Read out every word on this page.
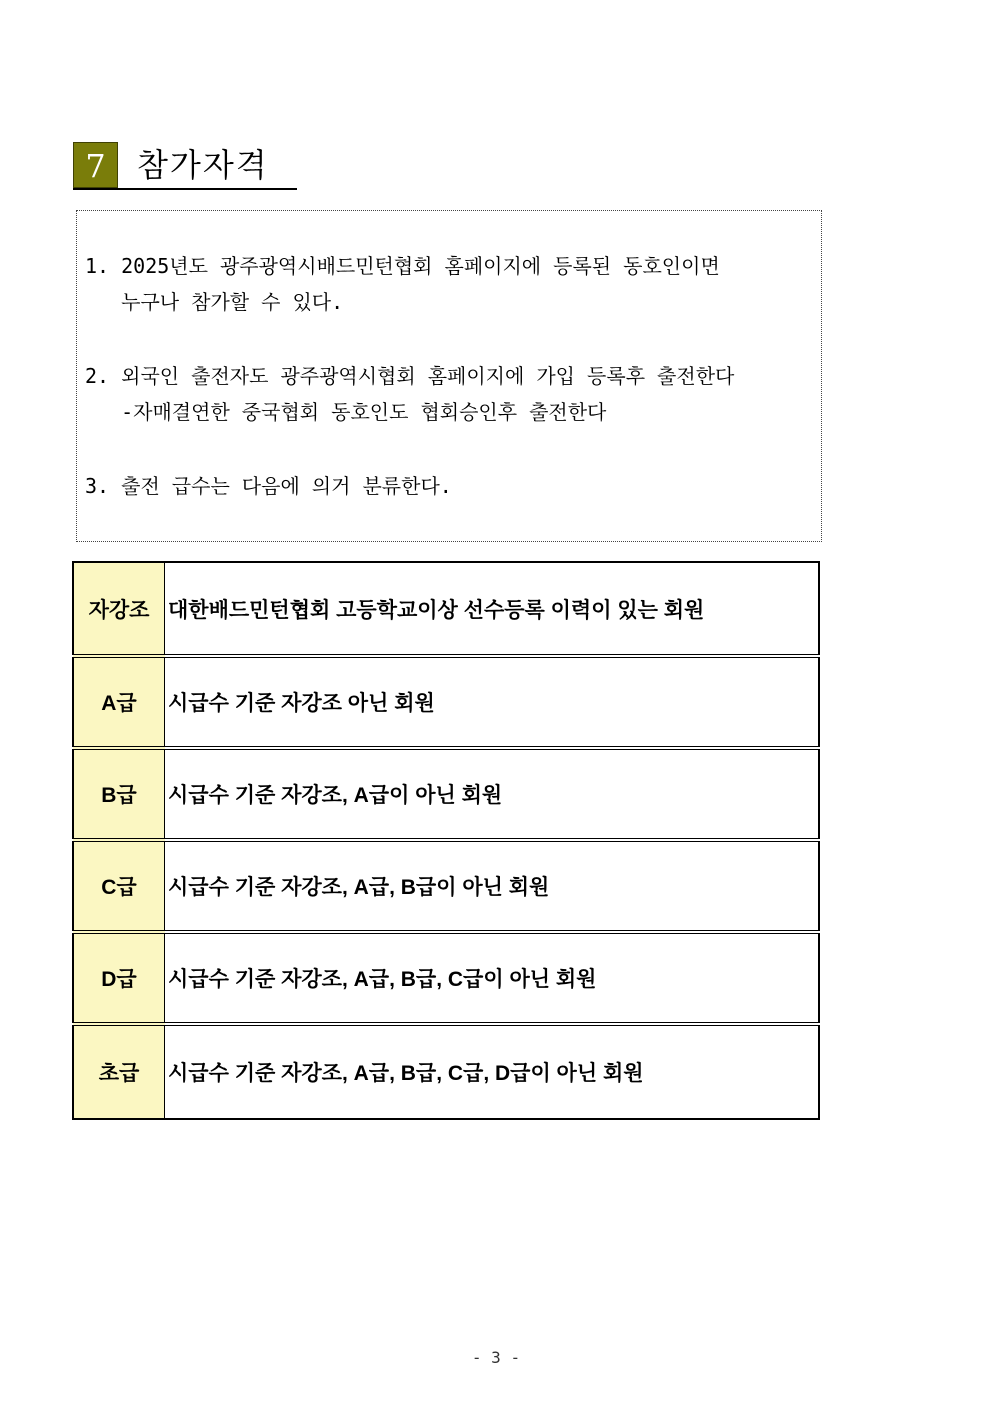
7 참가자격
1. 2025년도 광주광역시배드민턴협회 홈페이지에 등록된 동호인이면
누구나 참가할 수 있다.
2. 외국인 출전자도 광주광역시협회 홈페이지에 가입 등록후 출전한다
-자매결연한 중국협회 동호인도 협회승인후 출전한다
3. 출전 급수는 다음에 의거 분류한다.
자강조	대한배드민턴협회 고등학교이상 선수등록 이력이 있는 회원
A급	시급수 기준 자강조 아닌 회원
B급	시급수 기준 자강조, A급이 아닌 회원
C급	시급수 기준 자강조, A급, B급이 아닌 회원
D급	시급수 기준 자강조, A급, B급, C급이 아닌 회원
초급	시급수 기준 자강조, A급, B급, C급, D급이 아닌 회원
- 3 -
